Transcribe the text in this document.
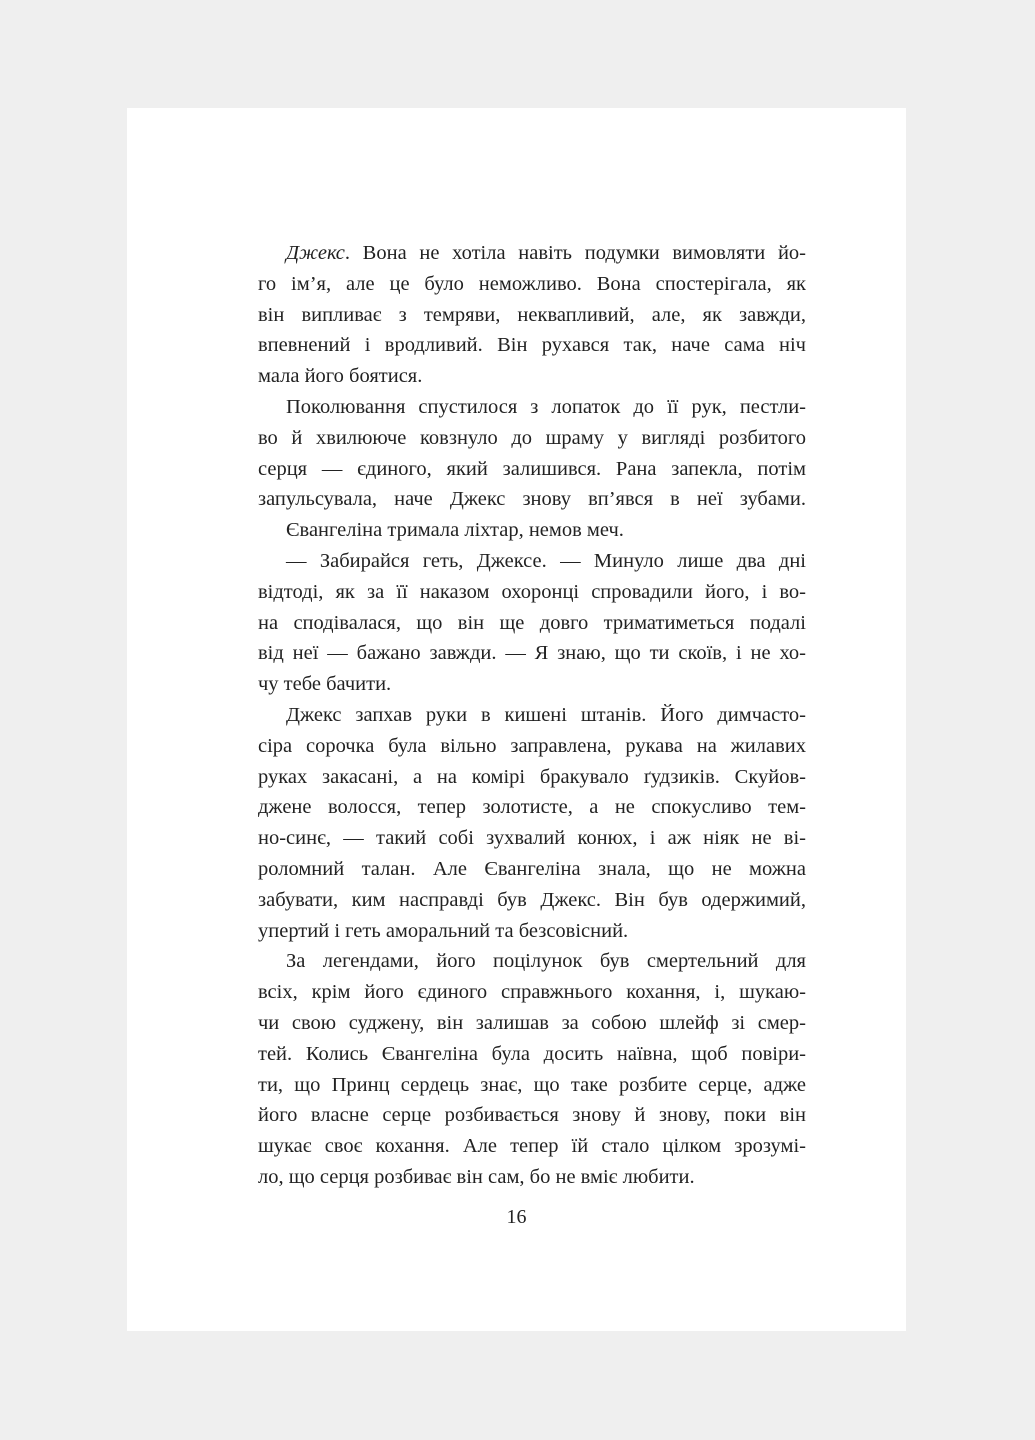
Джекс. Вона не хотіла навіть подумки вимовляти йо-
го ім’я, але це було неможливо. Вона спостерігала, як
він випливає з темряви, неквапливий, але, як завжди,
впевнений і вродливий. Він рухався так, наче сама ніч
мала його боятися.
Поколювання спустилося з лопаток до її рук, пестли-
во й хвилююче ковзнуло до шраму у вигляді розбитого
серця — єдиного, який залишився. Рана запекла, потім
запульсувала, наче Джекс знову вп’явся в неї зубами.
Євангеліна тримала ліхтар, немов меч.
— Забирайся геть, Джексе. — Минуло лише два дні
відтоді, як за її наказом охоронці спровадили його, і во-
на сподівалася, що він ще довго триматиметься подалі
від неї — бажано завжди. — Я знаю, що ти скоїв, і не хо-
чу тебе бачити.
Джекс запхав руки в кишені штанів. Його димчасто-
сіра сорочка була вільно заправлена, рукава на жилавих
руках закасані, а на комірі бракувало ґудзиків. Скуйов-
джене волосся, тепер золотисте, а не спокусливо тем-
но-синє, — такий собі зухвалий конюх, і аж ніяк не ві-
роломний талан. Але Євангеліна знала, що не можна
забувати, ким насправді був Джекс. Він був одержимий,
упертий і геть аморальний та безсовісний.
За легендами, його поцілунок був смертельний для
всіх, крім його єдиного справжнього кохання, і, шукаю-
чи свою суджену, він залишав за собою шлейф зі смер-
тей. Колись Євангеліна була досить наївна, щоб повіри-
ти, що Принц сердець знає, що таке розбите серце, адже
його власне серце розбивається знову й знову, поки він
шукає своє кохання. Але тепер їй стало цілком зрозумі-
ло, що серця розбиває він сам, бо не вміє любити.
16
